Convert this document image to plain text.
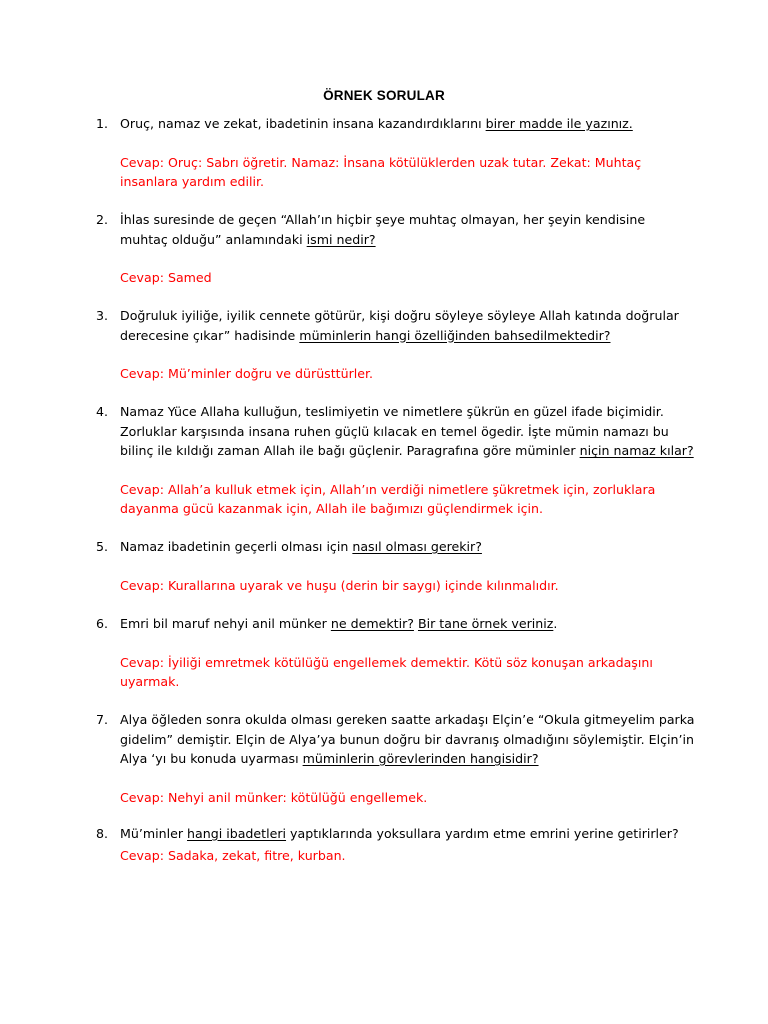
ÖRNEK SORULAR
1. Oruç, namaz ve zekat, ibadetinin insana kazandırdıklarını birer madde ile yazınız.
Cevap: Oruç: Sabrı öğretir. Namaz: İnsana kötülüklerden uzak tutar. Zekat: Muhtaç insanlara yardım edilir.
2. İhlas suresinde de geçen “Allah’ın hiçbir şeye muhtaç olmayan, her şeyin kendisine muhtaç olduğu” anlamındaki ismi nedir?
Cevap: Samed
3. Doğruluk iyiliğe, iyilik cennete götürür, kişi doğru söyleye söyleye Allah katında doğrular derecesine çıkar” hadisinde müminlerin hangi özelliğinden bahsedilmektedir?
Cevap: Mü’minler doğru ve dürüsttürler.
4. Namaz Yüce Allaha kulluğun, teslimiyetin ve nimetlere şükrün en güzel ifade biçimidir. Zorluklar karşısında insana ruhen güçlü kılacak en temel ögedir. İşte mümin namazı bu bilinç ile kıldığı zaman Allah ile bağı güçlenir. Paragrafına göre müminler niçin namaz kılar?
Cevap: Allah’a kulluk etmek için, Allah’ın verdiği nimetlere şükretmek için, zorluklara dayanma gücü kazanmak için, Allah ile bağımızı güçlendirmek için.
5. Namaz ibadetinin geçerli olması için nasıl olması gerekir?
Cevap: Kurallarına uyarak ve huşu (derin bir saygı) içinde kılınmalıdır.
6. Emri bil maruf nehyi anil münker ne demektir? Bir tane örnek veriniz.
Cevap: İyiliği emretmek kötülüğü engellemek demektir. Kötü söz konuşan arkadaşını uyarmak.
7. Alya öğleden sonra okulda olması gereken saatte arkadaşı Elçin’e “Okula gitmeyelim parka gidelim” demiştir. Elçin de Alya’ya bunun doğru bir davranış olmadığını söylemiştir. Elçin’in Alya ‘yı bu konuda uyarması müminlerin görevlerinden hangisidir?
Cevap: Nehyi anil münker: kötülüğü engellemek.
8. Mü’minler hangi ibadetleri yaptıklarında yoksullara yardım etme emrini yerine getirirler?
Cevap: Sadaka, zekat, fitre, kurban.
